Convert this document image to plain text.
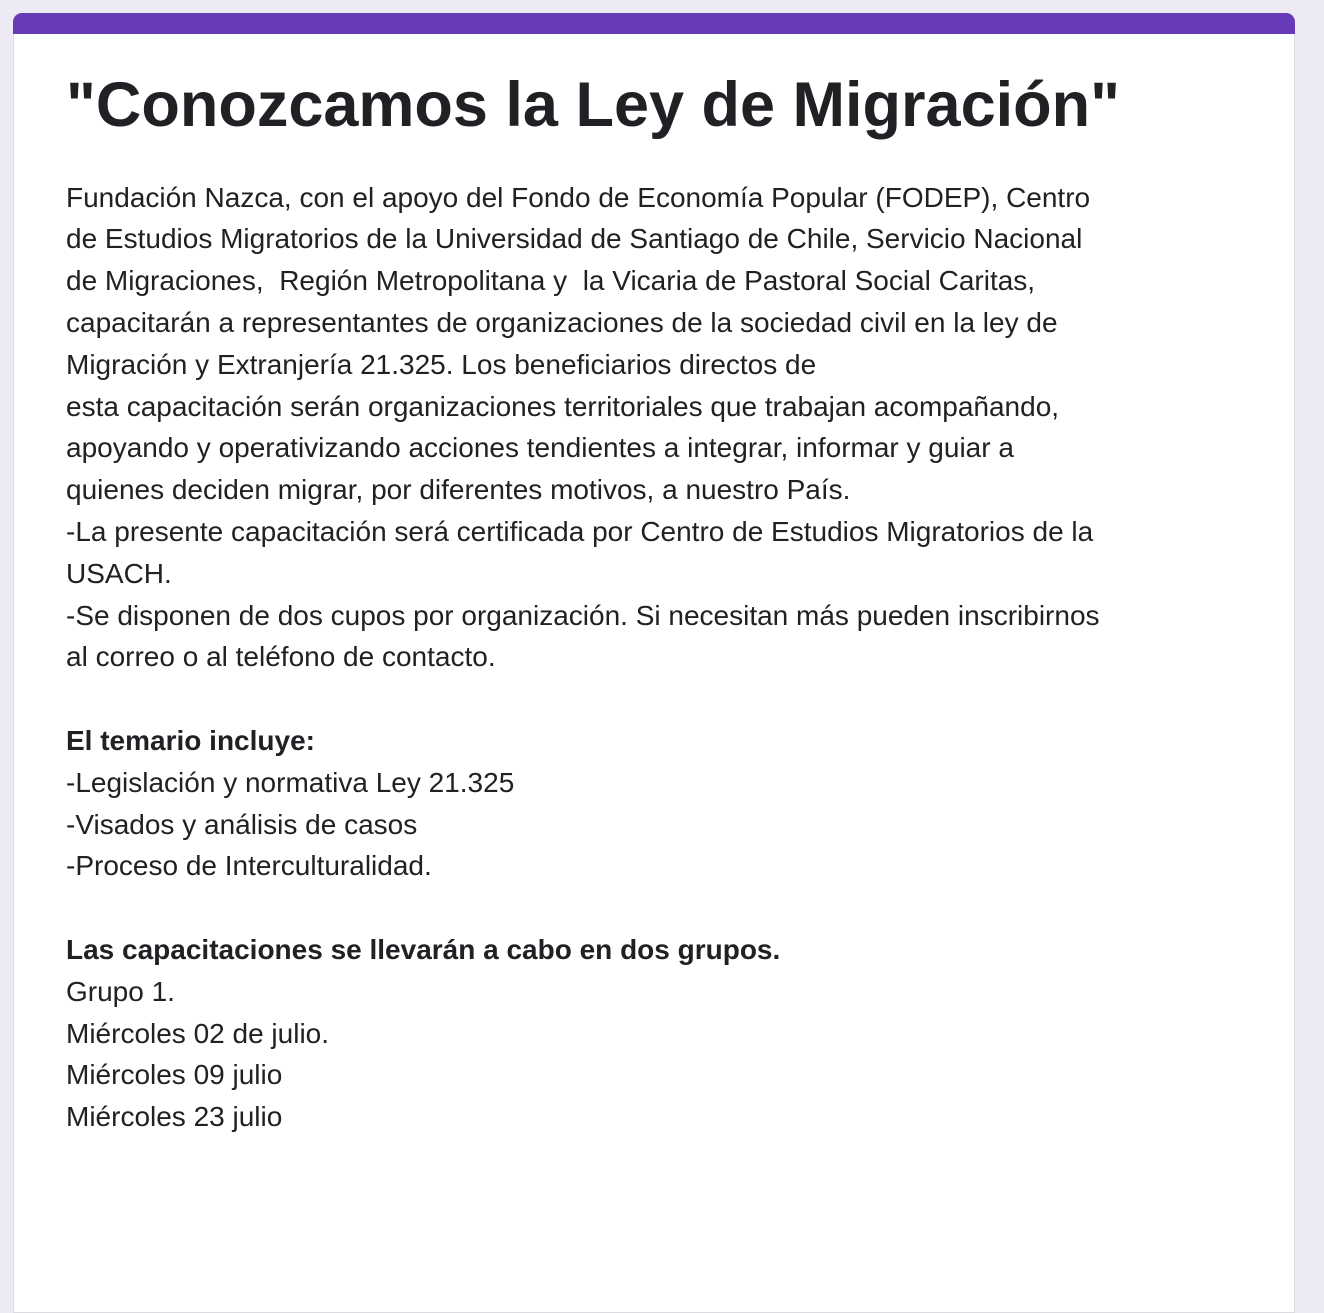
"Conozcamos la Ley de Migración"
Fundación Nazca, con el apoyo del Fondo de Economía Popular (FODEP), Centro
de Estudios Migratorios de la Universidad de Santiago de Chile, Servicio Nacional
de Migraciones,  Región Metropolitana y  la Vicaria de Pastoral Social Caritas,
capacitarán a representantes de organizaciones de la sociedad civil en la ley de
Migración y Extranjería 21.325. Los beneficiarios directos de
esta capacitación serán organizaciones territoriales que trabajan acompañando,
apoyando y operativizando acciones tendientes a integrar, informar y guiar a
quienes deciden migrar, por diferentes motivos, a nuestro País.
-La presente capacitación será certificada por Centro de Estudios Migratorios de la
USACH.
-Se disponen de dos cupos por organización. Si necesitan más pueden inscribirnos
al correo o al teléfono de contacto.

El temario incluye:
-Legislación y normativa Ley 21.325
-Visados y análisis de casos
-Proceso de Interculturalidad.

Las capacitaciones se llevarán a cabo en dos grupos.
Grupo 1.
Miércoles 02 de julio.
Miércoles 09 julio
Miércoles 23 julio
